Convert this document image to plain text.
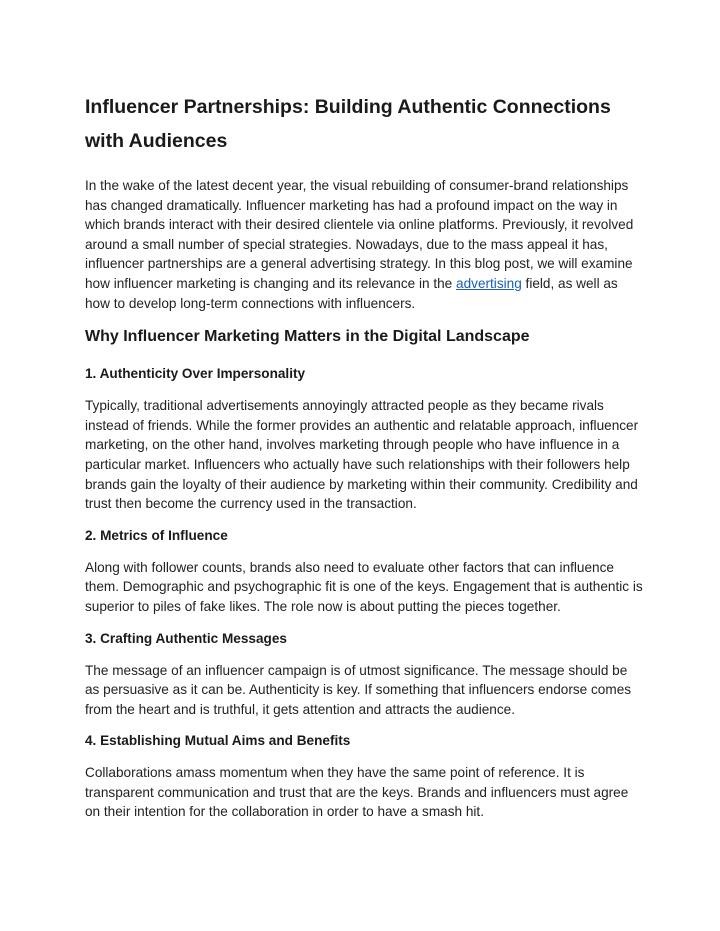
Influencer Partnerships: Building Authentic Connections with Audiences

In the wake of the latest decent year, the visual rebuilding of consumer-brand relationships has changed dramatically. Influencer marketing has had a profound impact on the way in which brands interact with their desired clientele via online platforms. Previously, it revolved around a small number of special strategies. Nowadays, due to the mass appeal it has, influencer partnerships are a general advertising strategy. In this blog post, we will examine how influencer marketing is changing and its relevance in the advertising field, as well as how to develop long-term connections with influencers.

Why Influencer Marketing Matters in the Digital Landscape
1. Authenticity Over Impersonality

Typically, traditional advertisements annoyingly attracted people as they became rivals instead of friends. While the former provides an authentic and relatable approach, influencer marketing, on the other hand, involves marketing through people who have influence in a particular market. Influencers who actually have such relationships with their followers help brands gain the loyalty of their audience by marketing within their community. Credibility and trust then become the currency used in the transaction.

2. Metrics of Influence

Along with follower counts, brands also need to evaluate other factors that can influence them. Demographic and psychographic fit is one of the keys. Engagement that is authentic is superior to piles of fake likes. The role now is about putting the pieces together.

3. Crafting Authentic Messages

The message of an influencer campaign is of utmost significance. The message should be as persuasive as it can be. Authenticity is key. If something that influencers endorse comes from the heart and is truthful, it gets attention and attracts the audience.

4. Establishing Mutual Aims and Benefits

Collaborations amass momentum when they have the same point of reference. It is transparent communication and trust that are the keys. Brands and influencers must agree on their intention for the collaboration in order to have a smash hit.
